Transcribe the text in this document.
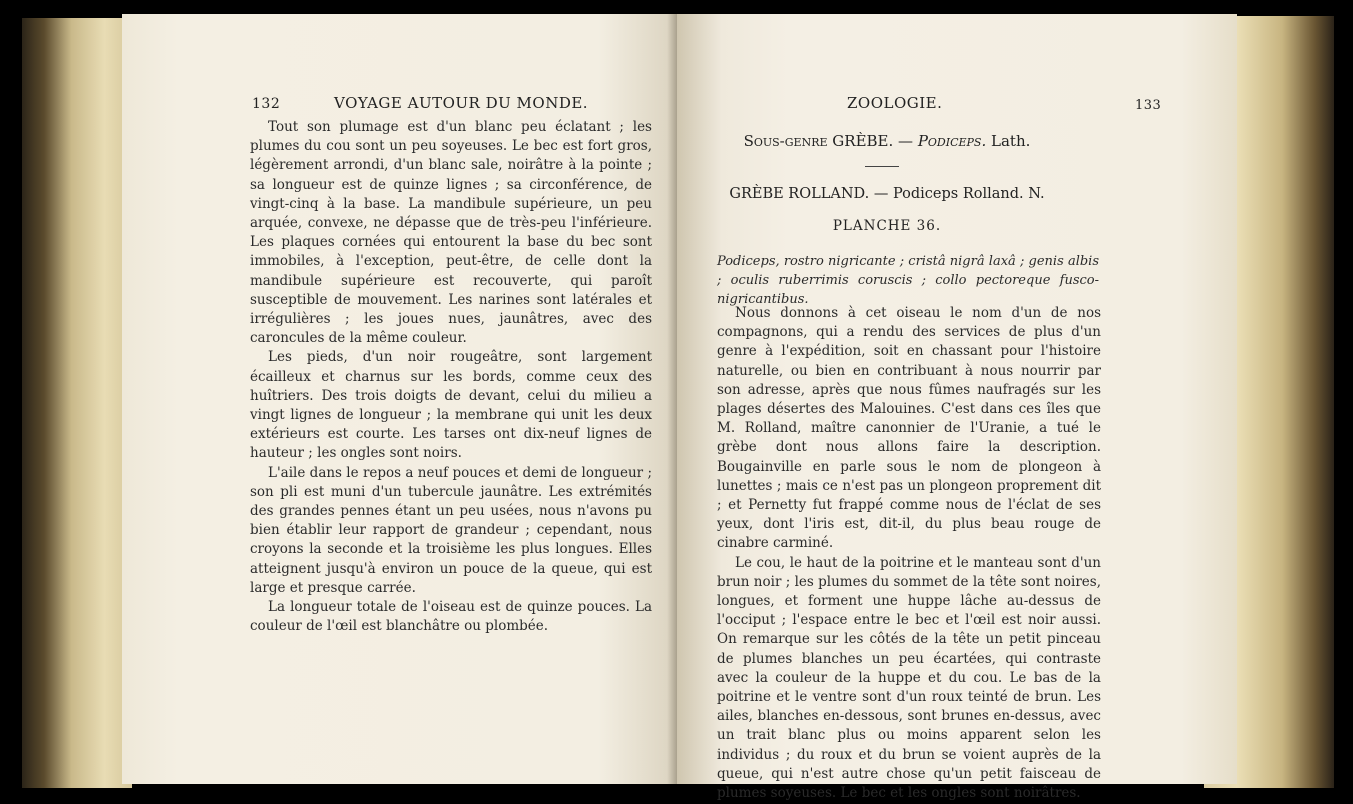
132	VOYAGE AUTOUR DU MONDE.

Tout son plumage est d'un blanc peu éclatant ; les plumes du cou sont un peu soyeuses. Le bec est fort gros, légèrement arrondi, d'un blanc sale, noirâtre à la pointe ; sa longueur est de quinze lignes ; sa circonférence, de vingt-cinq à la base. La mandibule supérieure, un peu arquée, convexe, ne dépasse que de très-peu l'inférieure. Les plaques cornées qui entourent la base du bec sont immobiles, à l'exception, peut-être, de celle dont la mandibule supérieure est recouverte, qui paroît susceptible de mouvement. Les narines sont latérales et irrégulières ; les joues nues, jaunâtres, avec des caroncules de la même couleur.

Les pieds, d'un noir rougeâtre, sont largement écailleux et charnus sur les bords, comme ceux des huîtriers. Des trois doigts de devant, celui du milieu a vingt lignes de longueur ; la membrane qui unit les deux extérieurs est courte. Les tarses ont dix-neuf lignes de hauteur ; les ongles sont noirs.

L'aile dans le repos a neuf pouces et demi de longueur ; son pli est muni d'un tubercule jaunâtre. Les extrémités des grandes pennes étant un peu usées, nous n'avons pu bien établir leur rapport de grandeur ; cependant, nous croyons la seconde et la troisième les plus longues. Elles atteignent jusqu'à environ un pouce de la queue, qui est large et presque carrée.

La longueur totale de l'oiseau est de quinze pouces. La couleur de l'œil est blanchâtre ou plombée.

ZOOLOGIE.	133
Sous-genre GRÈBE. — Podiceps. Lath.
GRÈBE ROLLAND. — Podiceps Rolland. N.
PLANCHE 36.
Podiceps, rostro nigricante ; cristâ nigrâ laxâ ; genis albis ; oculis ruberrimis coruscis ; collo pectoreque fusco-nigricantibus.

Nous donnons à cet oiseau le nom d'un de nos compagnons, qui a rendu des services de plus d'un genre à l'expédition, soit en chassant pour l'histoire naturelle, ou bien en contribuant à nous nourrir par son adresse, après que nous fûmes naufragés sur les plages désertes des Malouines. C'est dans ces îles que M. Rolland, maître canonnier de l'Uranie, a tué le grèbe dont nous allons faire la description. Bougainville en parle sous le nom de plongeon à lunettes ; mais ce n'est pas un plongeon proprement dit ; et Pernetty fut frappé comme nous de l'éclat de ses yeux, dont l'iris est, dit-il, du plus beau rouge de cinabre carminé.

Le cou, le haut de la poitrine et le manteau sont d'un brun noir ; les plumes du sommet de la tête sont noires, longues, et forment une huppe lâche au-dessus de l'occiput ; l'espace entre le bec et l'œil est noir aussi. On remarque sur les côtés de la tête un petit pinceau de plumes blanches un peu écartées, qui contraste avec la couleur de la huppe et du cou. Le bas de la poitrine et le ventre sont d'un roux teinté de brun. Les ailes, blanches en-dessous, sont brunes en-dessus, avec un trait blanc plus ou moins apparent selon les individus ; du roux et du brun se voient auprès de la queue, qui n'est autre chose qu'un petit faisceau de plumes soyeuses. Le bec et les ongles sont noirâtres.
